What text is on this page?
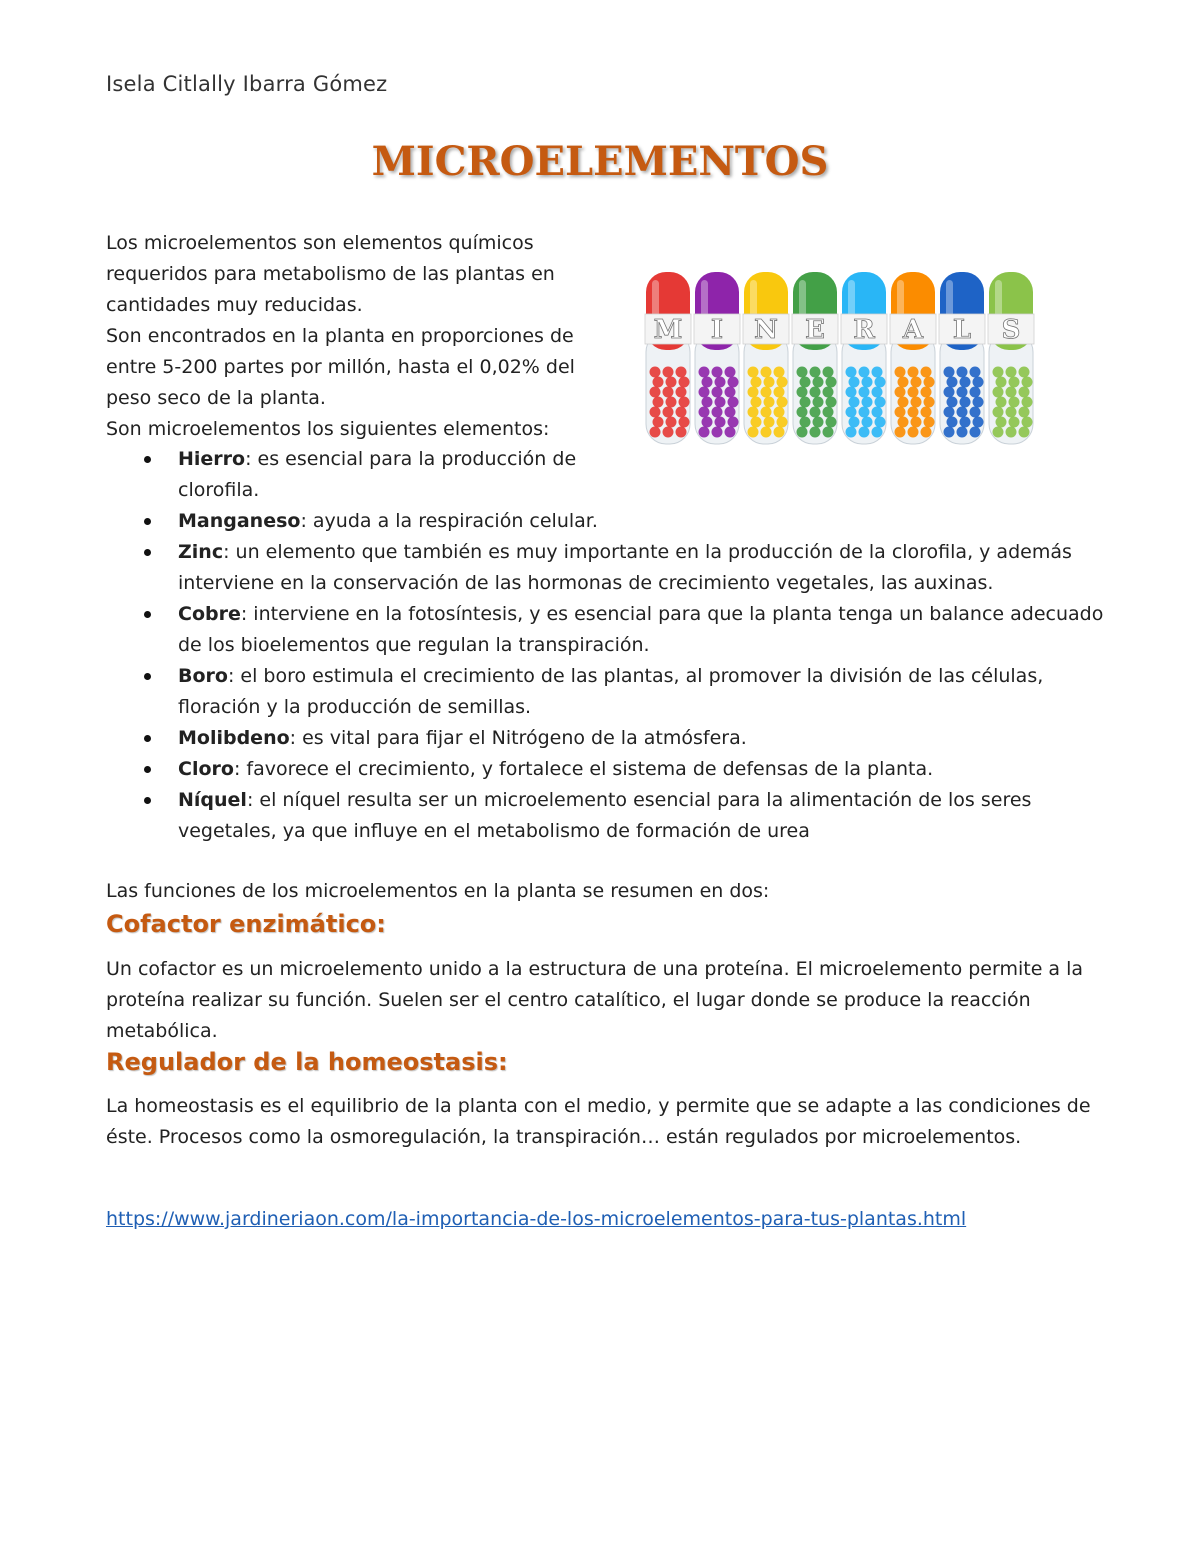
Isela Citlally Ibarra Gómez
MICROELEMENTOS

Los microelementos son elementos químicos requeridos para metabolismo de las plantas en cantidades muy reducidas.

Son encontrados en la planta en proporciones de entre 5-200 partes por millón, hasta el 0,02% del peso seco de la planta.

Son microelementos los siguientes elementos:

M I N E R A L S
Hierro: es esencial para la producción de clorofila.
Manganeso: ayuda a la respiración celular.
Zinc: un elemento que también es muy importante en la producción de la clorofila, y además interviene en la conservación de las hormonas de crecimiento vegetales, las auxinas.
Cobre: interviene en la fotosíntesis, y es esencial para que la planta tenga un balance adecuado de los bioelementos que regulan la transpiración.
Boro: el boro estimula el crecimiento de las plantas, al promover la división de las células, floración y la producción de semillas.
Molibdeno: es vital para fijar el Nitrógeno de la atmósfera.
Cloro: favorece el crecimiento, y fortalece el sistema de defensas de la planta.
Níquel: el níquel resulta ser un microelemento esencial para la alimentación de los seres vegetales, ya que influye en el metabolismo de formación de urea

Las funciones de los microelementos en la planta se resumen en dos:

Cofactor enzimático:

Un cofactor es un microelemento unido a la estructura de una proteína. El microelemento permite a la proteína realizar su función. Suelen ser el centro catalítico, el lugar donde se produce la reacción metabólica.

Regulador de la homeostasis:

La homeostasis es el equilibrio de la planta con el medio, y permite que se adapte a las condiciones de éste. Procesos como la osmoregulación, la transpiración… están regulados por microelementos.

https://www.jardineriaon.com/la-importancia-de-los-microelementos-para-tus-plantas.html
